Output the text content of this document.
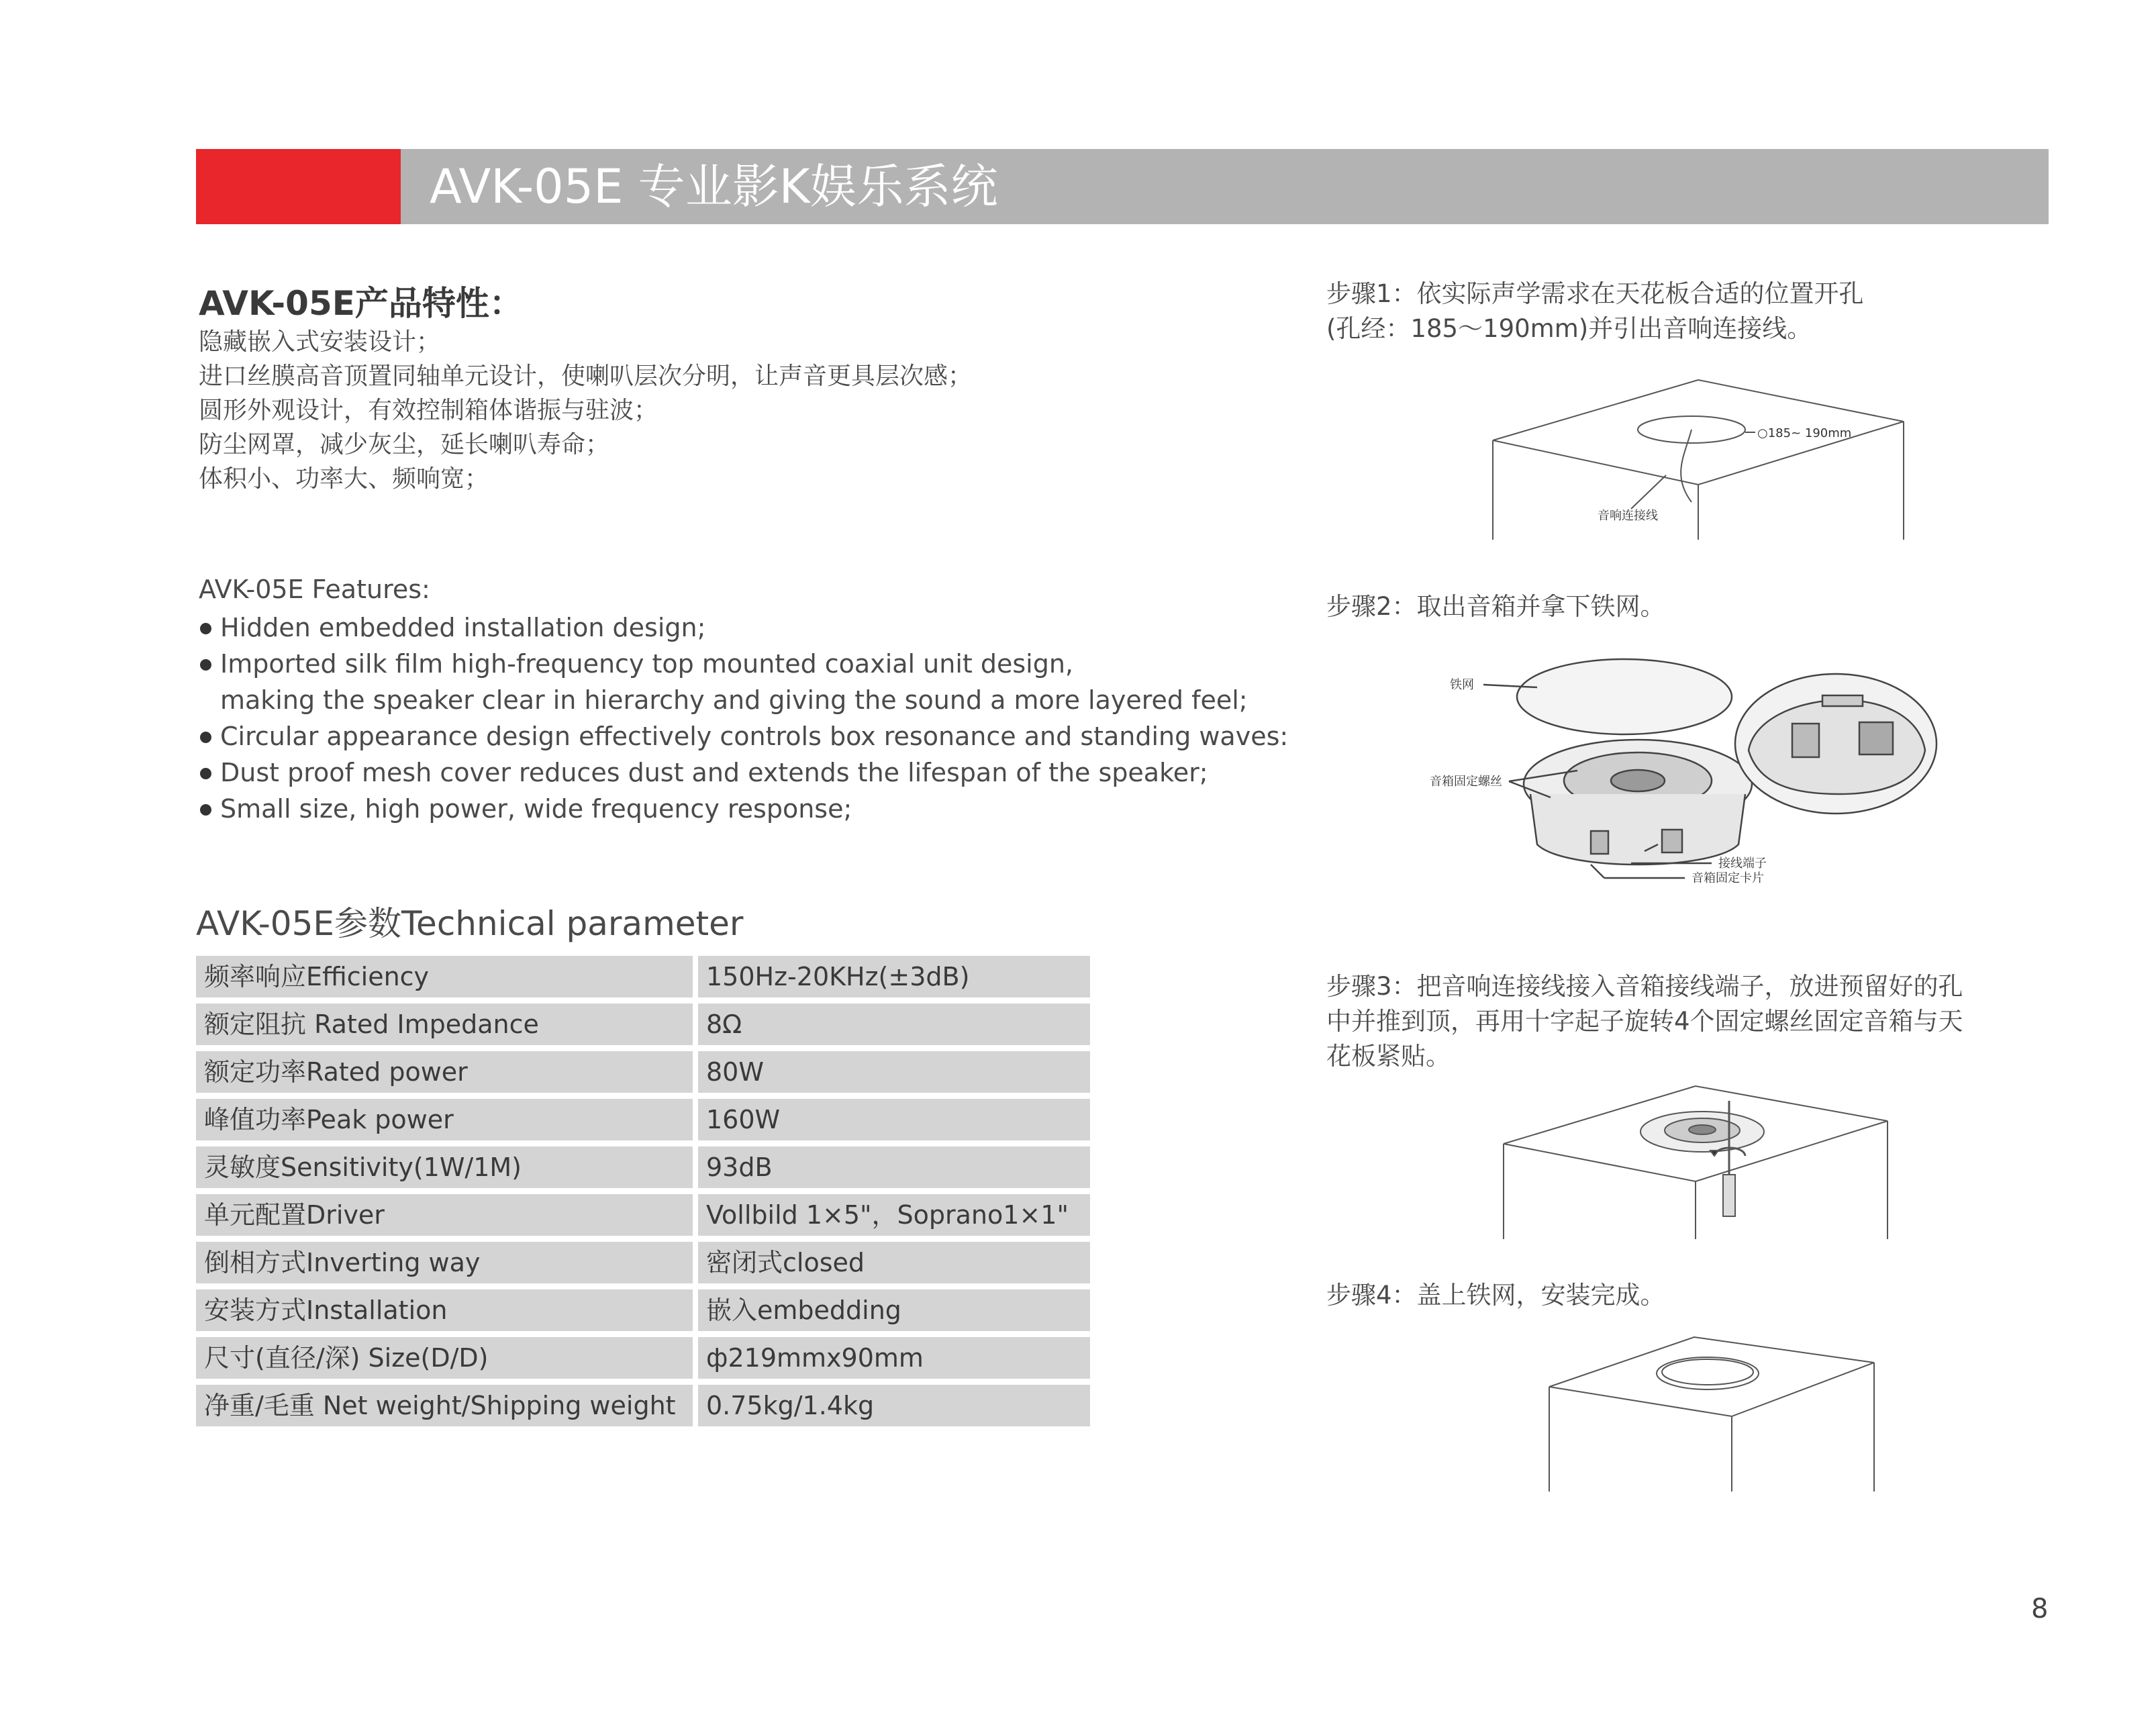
AVK-05E 专业影K娱乐系统
AVK-05E产品特性：
隐藏嵌入式安装设计；
进口丝膜高音顶置同轴单元设计，使喇叭层次分明，让声音更具层次感；
圆形外观设计，有效控制箱体谐振与驻波；
防尘网罩，减少灰尘，延长喇叭寿命；
体积小、功率大、频响宽；
AVK-05E Features:
Hidden embedded installation design;
Imported silk film high-frequency top mounted coaxial unit design,
making the speaker clear in hierarchy and giving the sound a more layered feel;
Circular appearance design effectively controls box resonance and standing waves:
Dust proof mesh cover reduces dust and extends the lifespan of the speaker;
Small size, high power, wide frequency response;
AVK-05E参数Technical parameter
频率响应Efficiency	150Hz-20KHz(±3dB)
额定阻抗 Rated Impedance	8Ω
额定功率Rated power	80W
峰值功率Peak power	160W
灵敏度Sensitivity(1W/1M)	93dB
单元配置Driver	Vollbild 1×5"，Soprano1×1"
倒相方式Inverting way	密闭式closed
安装方式Installation	嵌入embedding
尺寸(直径/深) Size(D/D)	ф219mmx90mm
净重/毛重 Net weight/Shipping weight	0.75kg/1.4kg
步骤1：依实际声学需求在天花板合适的位置开孔
(孔经：185～190mm)并引出音响连接线。
○185~ 190mm
音响连接线
步骤2：取出音箱并拿下铁网。
铁网
音箱固定螺丝
接线端子
音箱固定卡片
步骤3：把音响连接线接入音箱接线端子，放进预留好的孔
中并推到顶，再用十字起子旋转4个固定螺丝固定音箱与天
花板紧贴。
步骤4：盖上铁网，安装完成。
8
